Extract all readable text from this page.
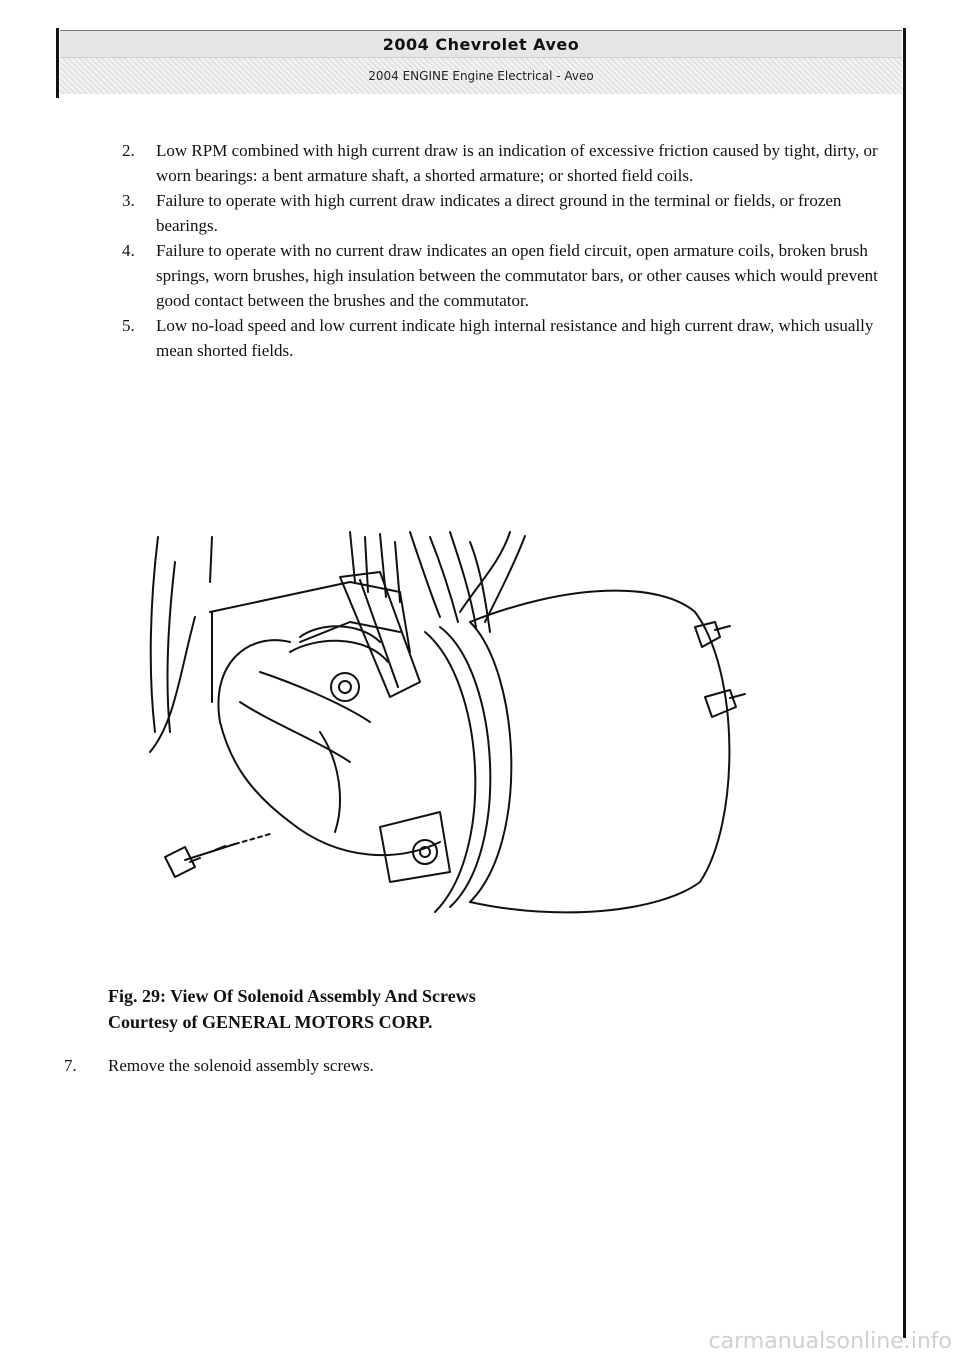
2004 Chevrolet Aveo
2004 ENGINE Engine Electrical - Aveo
2.	Low RPM combined with high current draw is an indication of excessive friction caused by tight, dirty, or worn bearings: a bent armature shaft, a shorted armature; or shorted field coils.
3.	Failure to operate with high current draw indicates a direct ground in the terminal or fields, or frozen bearings.
4.	Failure to operate with no current draw indicates an open field circuit, open armature coils, broken brush springs, worn brushes, high insulation between the commutator bars, or other causes which would prevent good contact between the brushes and the commutator.
5.	Low no-load speed and low current indicate high internal resistance and high current draw, which usually mean shorted fields.
Fig. 29: View Of Solenoid Assembly And Screws
Courtesy of GENERAL MOTORS CORP.
7.	Remove the solenoid assembly screws.
carmanualsonline.info
